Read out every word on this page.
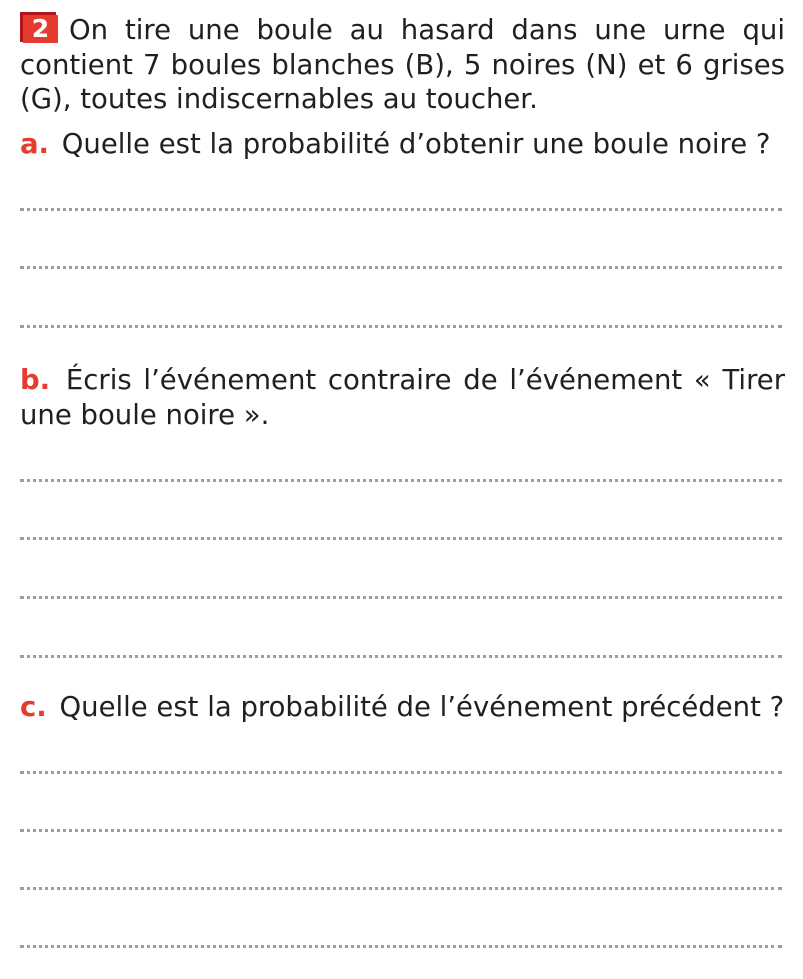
2 On tire une boule au hasard dans une urne qui contient 7 boules blanches (B), 5 noires (N) et 6 grises (G), toutes indiscernables au toucher.
a. Quelle est la probabilité d’obtenir une boule noire ?
b. Écris l’événement contraire de l’événement « Tirer une boule noire ».
c. Quelle est la probabilité de l’événement précédent ?
